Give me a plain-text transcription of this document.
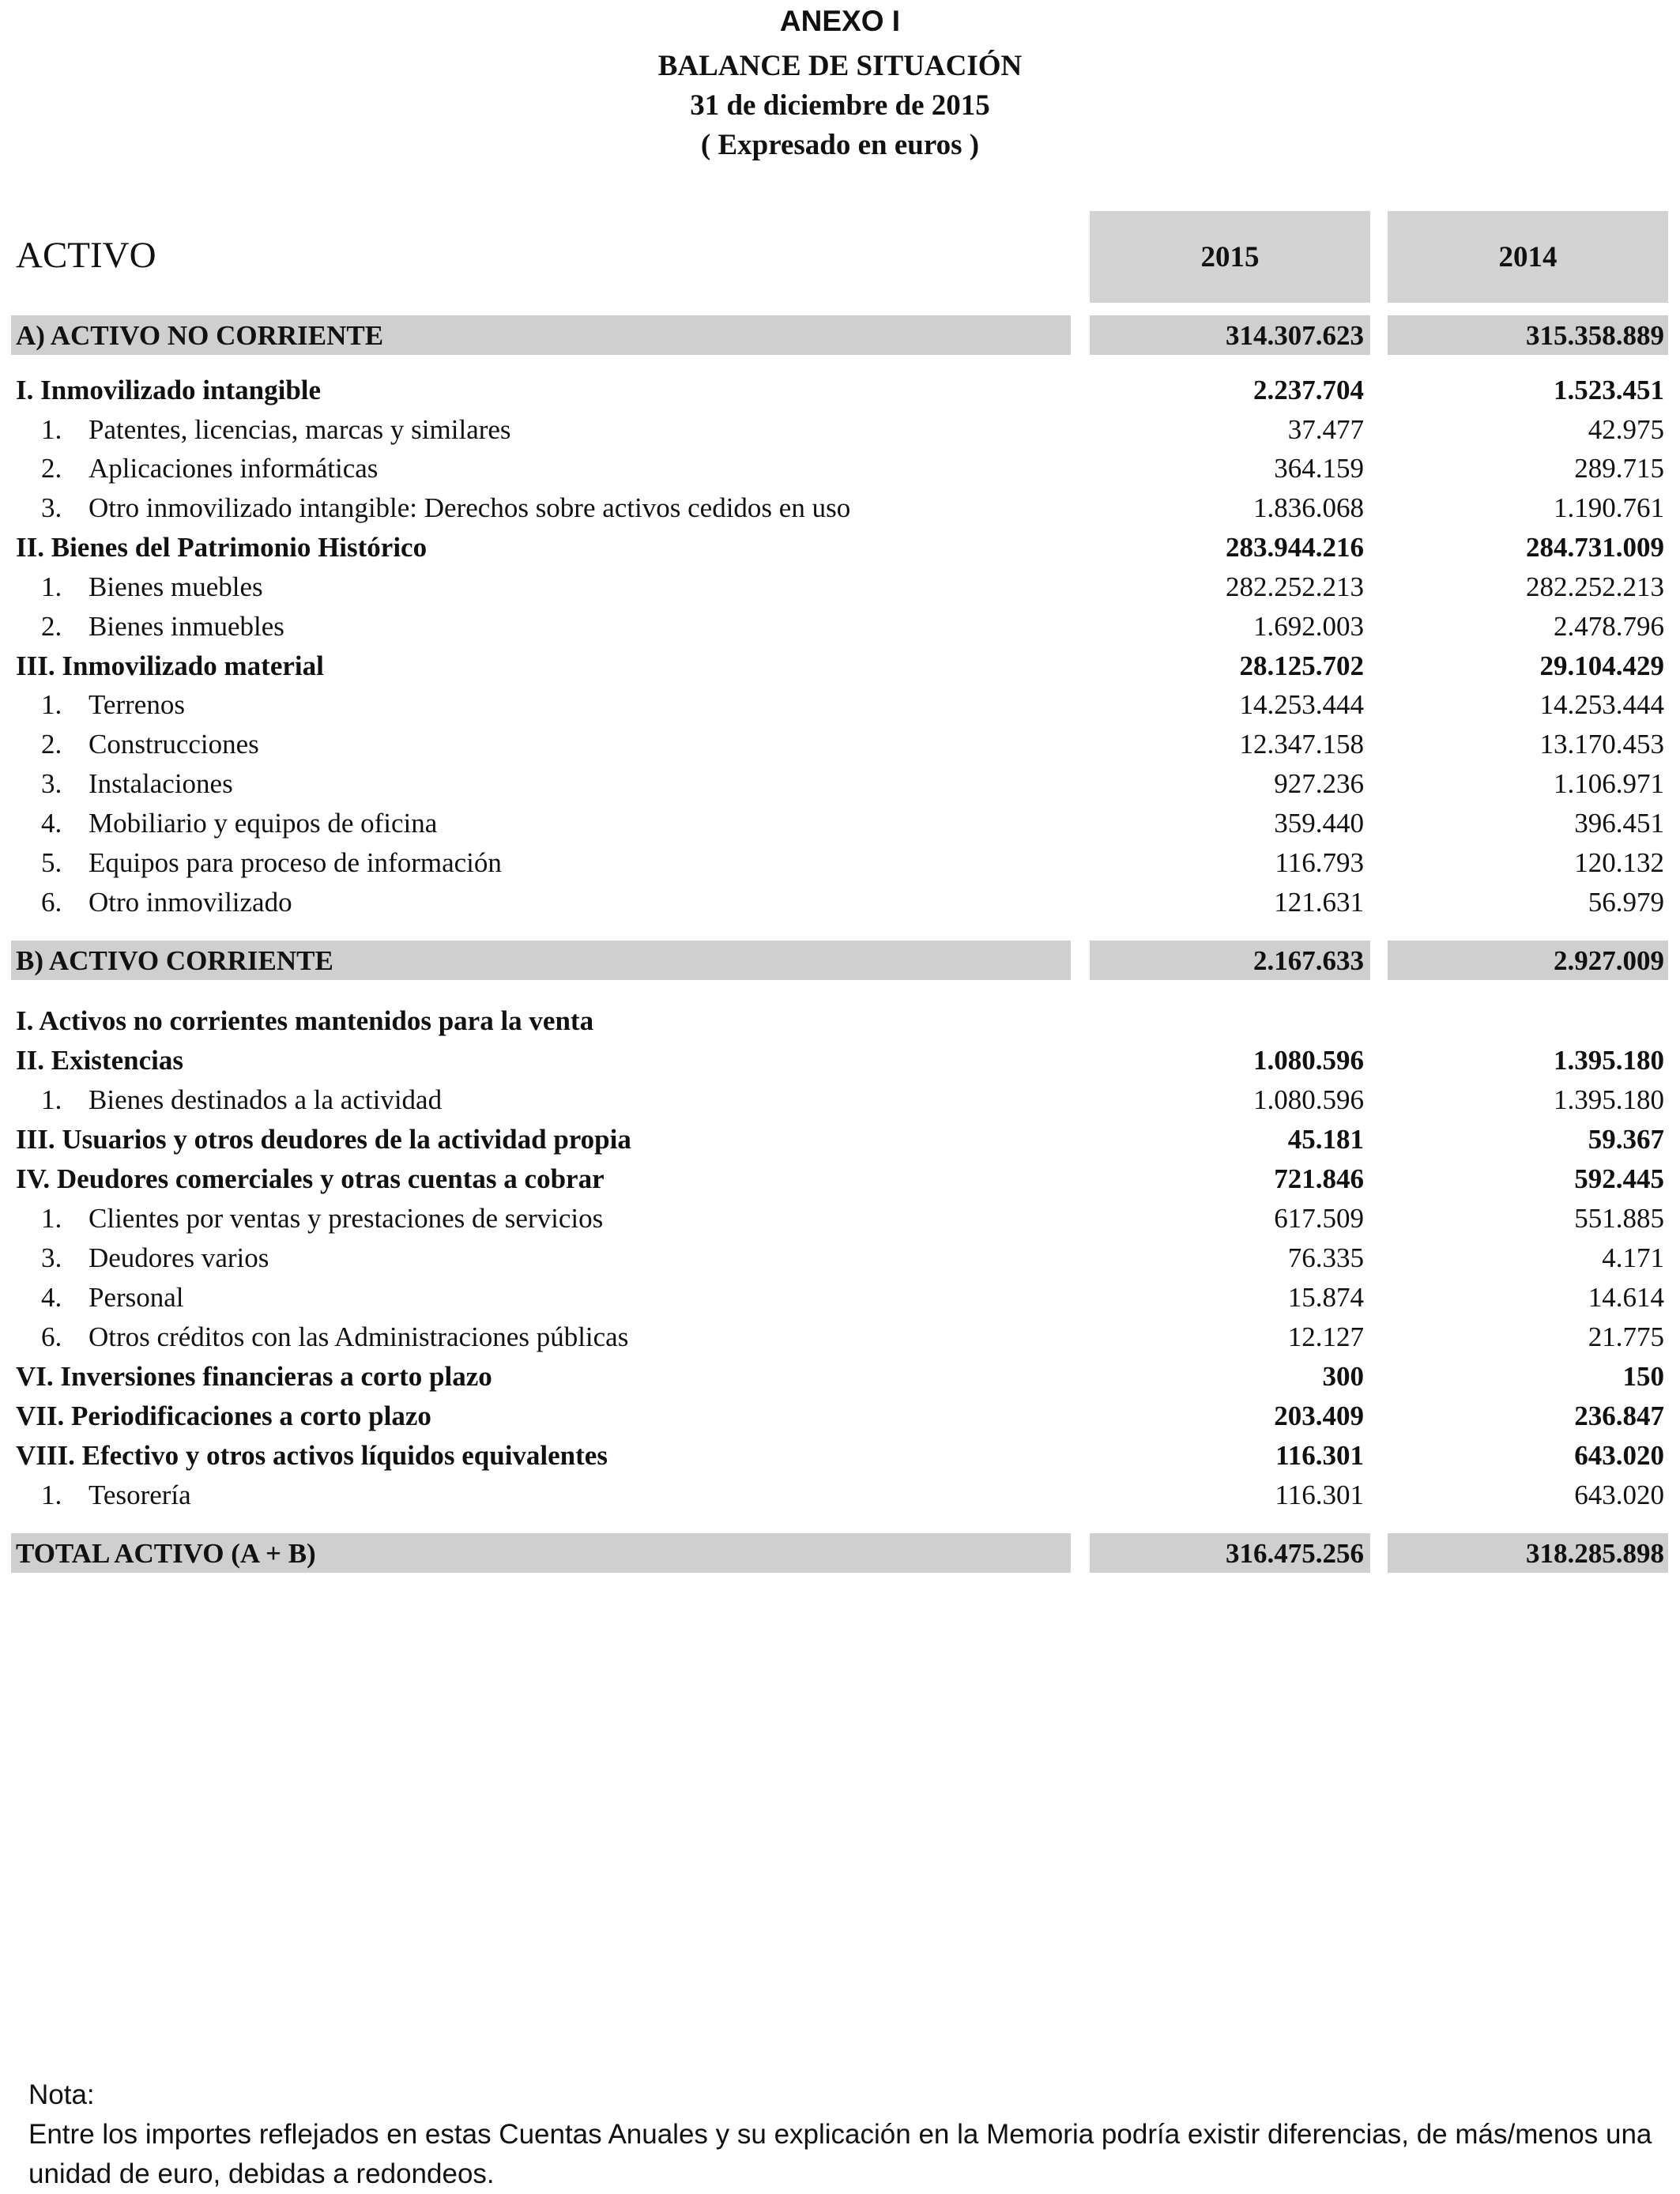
ANEXO I
BALANCE DE SITUACIÓN
31 de diciembre de 2015
( Expresado en euros )
ACTIVO	2015	2014
A) ACTIVO NO CORRIENTE	314.307.623	315.358.889
I. Inmovilizado intangible	2.237.704	1.523.451
1. Patentes, licencias, marcas y similares	37.477	42.975
2. Aplicaciones informáticas	364.159	289.715
3. Otro inmovilizado intangible: Derechos sobre activos cedidos en uso	1.836.068	1.190.761
II. Bienes del Patrimonio Histórico	283.944.216	284.731.009
1. Bienes muebles	282.252.213	282.252.213
2. Bienes inmuebles	1.692.003	2.478.796
III. Inmovilizado material	28.125.702	29.104.429
1. Terrenos	14.253.444	14.253.444
2. Construcciones	12.347.158	13.170.453
3. Instalaciones	927.236	1.106.971
4. Mobiliario y equipos de oficina	359.440	396.451
5. Equipos para proceso de información	116.793	120.132
6. Otro inmovilizado	121.631	56.979
B) ACTIVO CORRIENTE	2.167.633	2.927.009
I. Activos no corrientes mantenidos para la venta
II. Existencias	1.080.596	1.395.180
1. Bienes destinados a la actividad	1.080.596	1.395.180
III. Usuarios y otros deudores de la actividad propia	45.181	59.367
IV. Deudores comerciales y otras cuentas a cobrar	721.846	592.445
1. Clientes por ventas y prestaciones de servicios	617.509	551.885
3. Deudores varios	76.335	4.171
4. Personal	15.874	14.614
6. Otros créditos con las Administraciones públicas	12.127	21.775
VI. Inversiones financieras a corto plazo	300	150
VII. Periodificaciones a corto plazo	203.409	236.847
VIII. Efectivo y otros activos líquidos equivalentes	116.301	643.020
1. Tesorería	116.301	643.020
TOTAL ACTIVO (A + B)	316.475.256	318.285.898
Nota:
Entre los importes reflejados en estas Cuentas Anuales y su explicación en la Memoria podría existir diferencias, de más/menos una unidad de euro, debidas a redondeos.
